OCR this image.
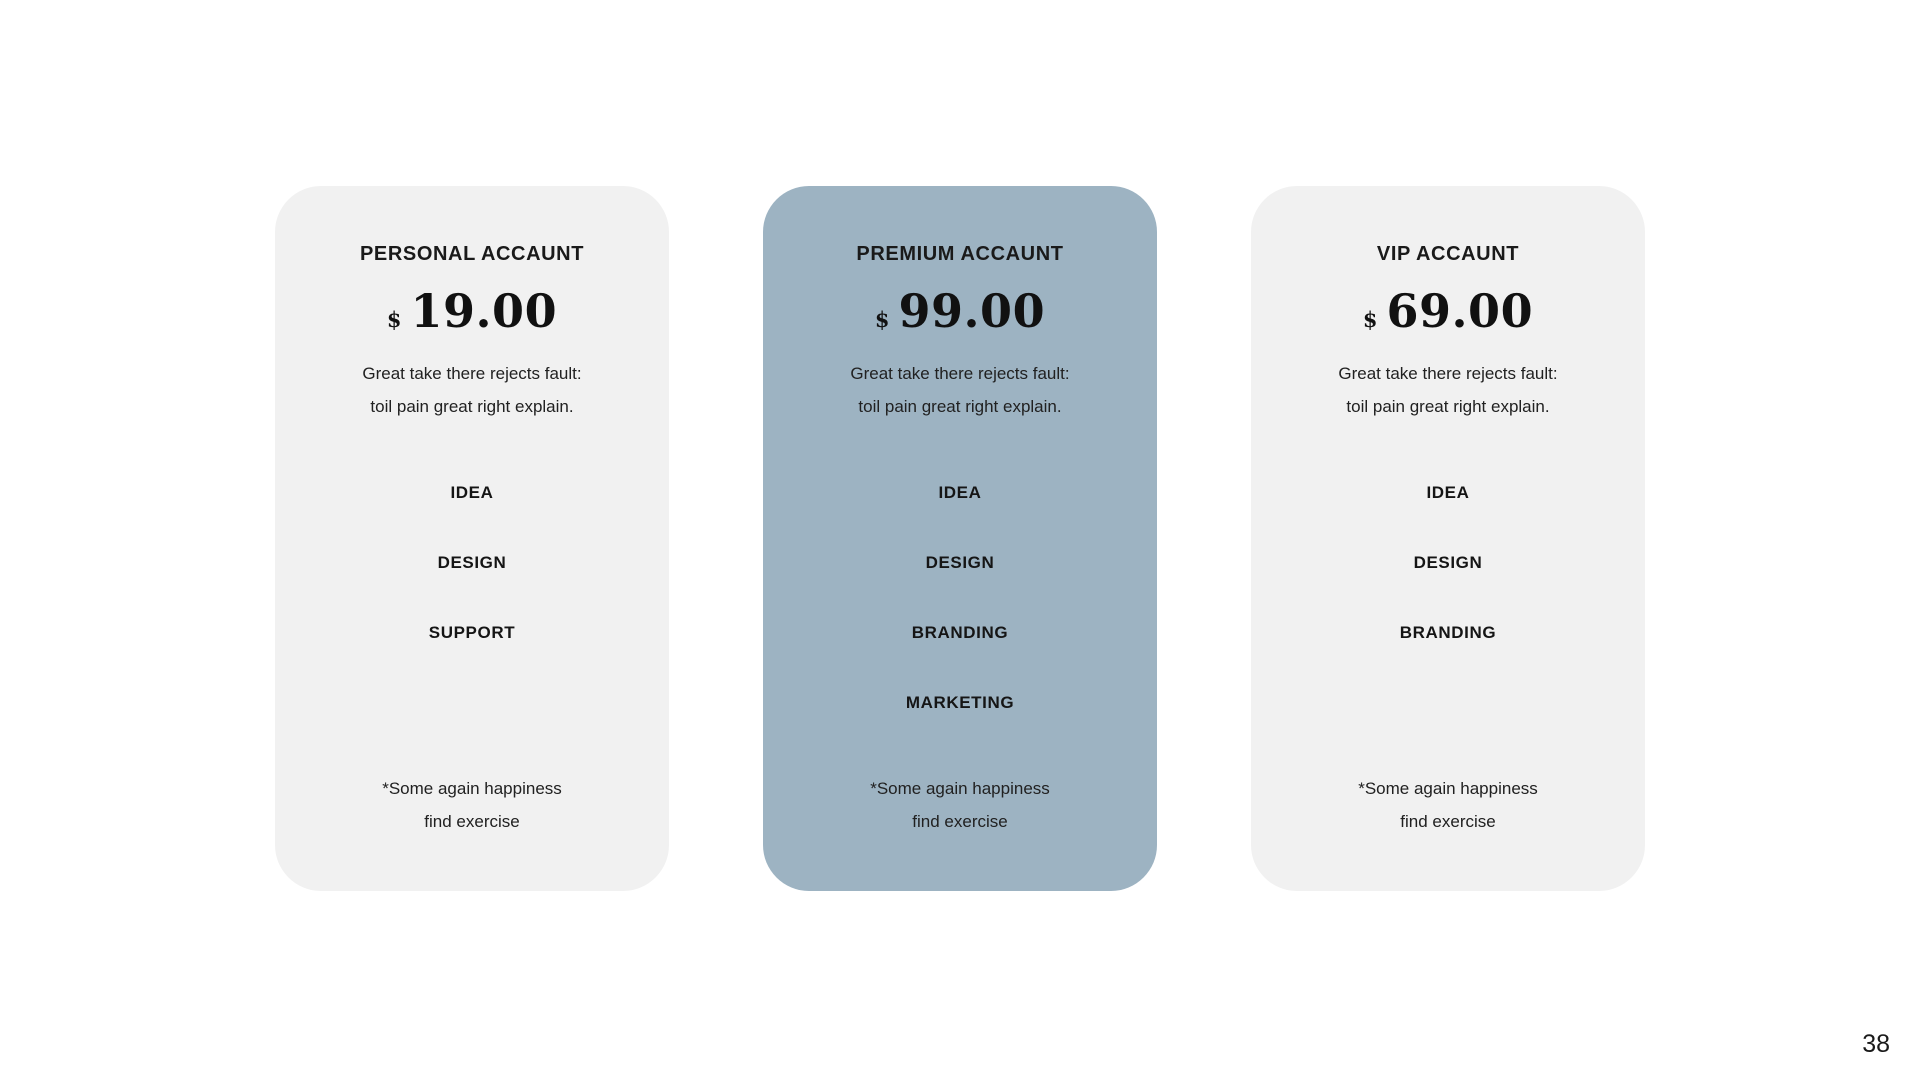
PERSONAL ACCAUNT
$ 19.00

Great take there rejects fault:
toil pain great right explain.

IDEA
DESIGN
SUPPORT

*Some again happiness
find exercise

PREMIUM ACCAUNT
$ 99.00

Great take there rejects fault:
toil pain great right explain.

IDEA
DESIGN
BRANDING
MARKETING

*Some again happiness
find exercise

VIP ACCAUNT
$ 69.00

Great take there rejects fault:
toil pain great right explain.

IDEA
DESIGN
BRANDING

*Some again happiness
find exercise

38
